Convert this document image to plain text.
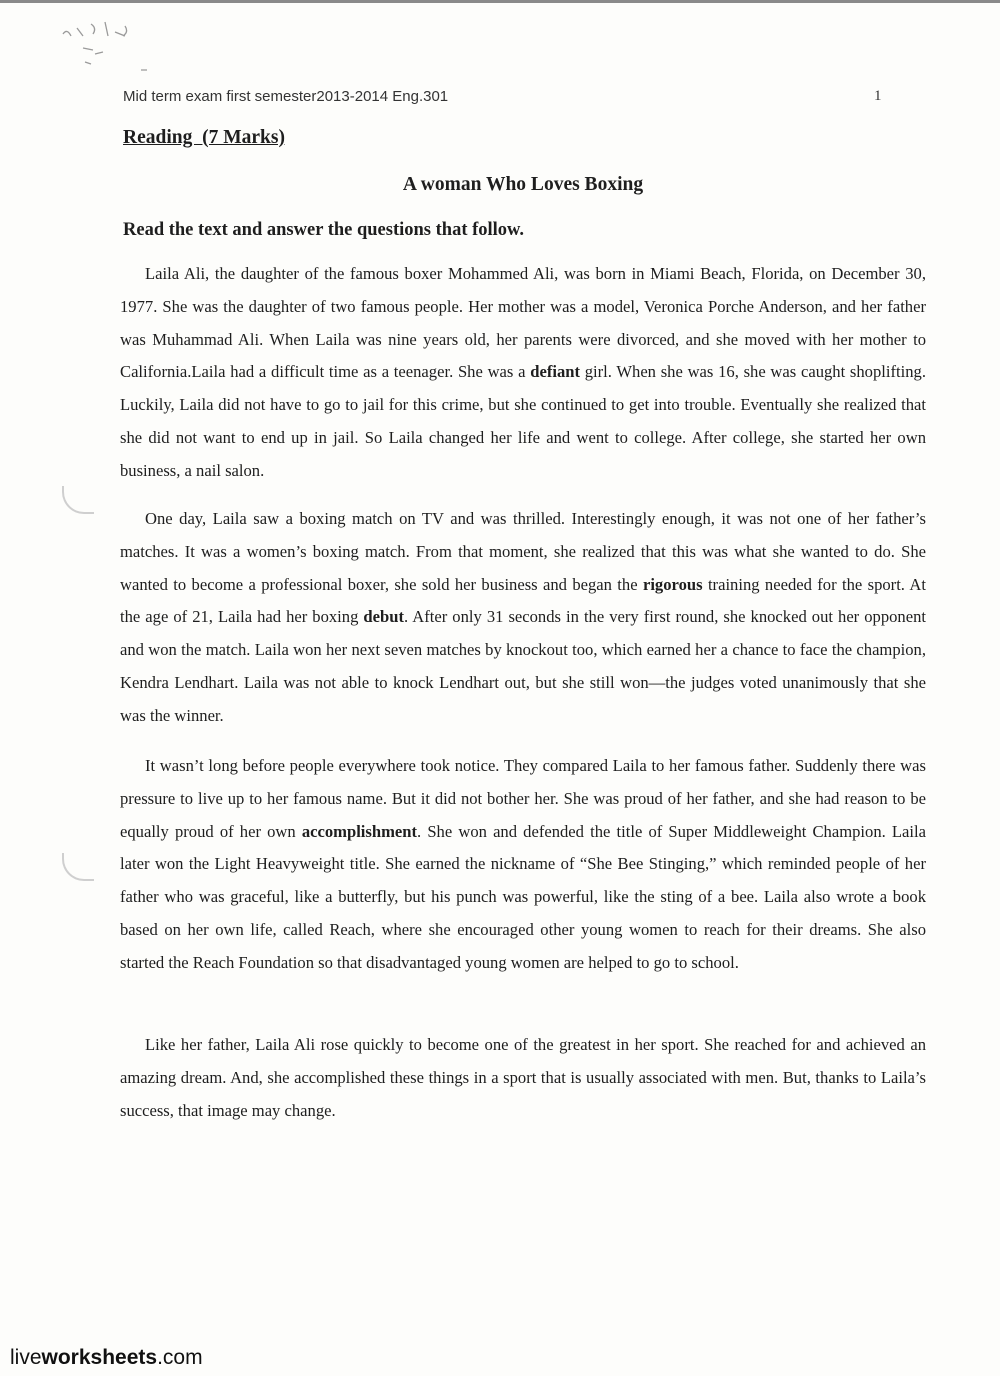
Mid term exam first semester2013-2014 Eng.301	1
Reading  (7 Marks)
A woman Who Loves Boxing
Read the text and answer the questions that follow.

Laila Ali, the daughter of the famous boxer Mohammed Ali, was born in Miami Beach, Florida, on December 30, 1977. She was the daughter of two famous people. Her mother was a model, Veronica Porche Anderson, and her father was Muhammad Ali. When Laila was nine years old, her parents were divorced, and she moved with her mother to California.Laila had a difficult time as a teenager. She was a defiant girl. When she was 16, she was caught shoplifting. Luckily, Laila did not have to go to jail for this crime, but she continued to get into trouble. Eventually she realized that she did not want to end up in jail. So Laila changed her life and went to college. After college, she started her own business, a nail salon.

One day, Laila saw a boxing match on TV and was thrilled. Interestingly enough, it was not one of her father’s matches. It was a women’s boxing match. From that moment, she realized that this was what she wanted to do. She wanted to become a professional boxer, she sold her business and began the rigorous training needed for the sport. At the age of 21, Laila had her boxing debut. After only 31 seconds in the very first round, she knocked out her opponent and won the match. Laila won her next seven matches by knockout too, which earned her a chance to face the champion, Kendra Lendhart. Laila was not able to knock Lendhart out, but she still won—the judges voted unanimously that she was the winner.

It wasn’t long before people everywhere took notice. They compared Laila to her famous father. Suddenly there was pressure to live up to her famous name. But it did not bother her. She was proud of her father, and she had reason to be equally proud of her own accomplishment. She won and defended the title of Super Middleweight Champion. Laila later won the Light Heavyweight title. She earned the nickname of “She Bee Stinging,” which reminded people of her father who was graceful, like a butterfly, but his punch was powerful, like the sting of a bee. Laila also wrote a book based on her own life, called Reach, where she encouraged other young women to reach for their dreams. She also started the Reach Foundation so that disadvantaged young women are helped to go to school.

Like her father, Laila Ali rose quickly to become one of the greatest in her sport. She reached for and achieved an amazing dream. And, she accomplished these things in a sport that is usually associated with men. But, thanks to Laila’s success, that image may change.

liveworksheets.com
